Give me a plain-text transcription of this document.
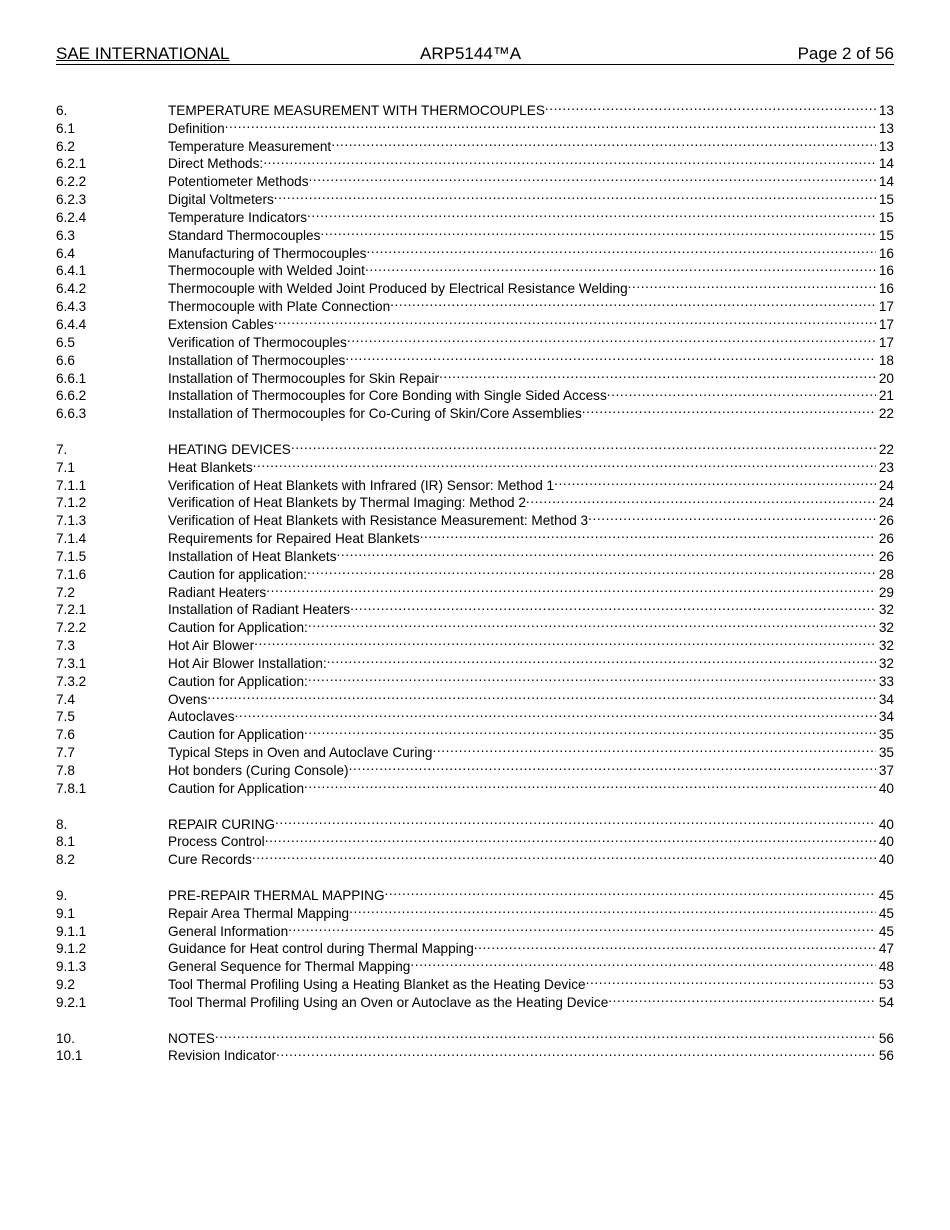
SAE INTERNATIONAL	ARP5144™A	Page 2 of 56
6.	TEMPERATURE MEASUREMENT WITH THERMOCOUPLES .....	13
6.1	Definition .....	13
6.2	Temperature Measurement .....	13
6.2.1	Direct Methods: .....	14
6.2.2	Potentiometer Methods .....	14
6.2.3	Digital Voltmeters .....	15
6.2.4	Temperature Indicators .....	15
6.3	Standard Thermocouples .....	15
6.4	Manufacturing of Thermocouples .....	16
6.4.1	Thermocouple with Welded Joint .....	16
6.4.2	Thermocouple with Welded Joint Produced by Electrical Resistance Welding .....	16
6.4.3	Thermocouple with Plate Connection .....	17
6.4.4	Extension Cables .....	17
6.5	Verification of Thermocouples .....	17
6.6	Installation of Thermocouples .....	18
6.6.1	Installation of Thermocouples for Skin Repair .....	20
6.6.2	Installation of Thermocouples for Core Bonding with Single Sided Access .....	21
6.6.3	Installation of Thermocouples for Co-Curing of Skin/Core Assemblies .....	22
7.	HEATING DEVICES .....	22
7.1	Heat Blankets .....	23
7.1.1	Verification of Heat Blankets with Infrared (IR) Sensor: Method 1 .....	24
7.1.2	Verification of Heat Blankets by Thermal Imaging: Method 2 .....	24
7.1.3	Verification of Heat Blankets with Resistance Measurement: Method 3 .....	26
7.1.4	Requirements for Repaired Heat Blankets .....	26
7.1.5	Installation of Heat Blankets .....	26
7.1.6	Caution for application: .....	28
7.2	Radiant Heaters .....	29
7.2.1	Installation of Radiant Heaters .....	32
7.2.2	Caution for Application: .....	32
7.3	Hot Air Blower .....	32
7.3.1	Hot Air Blower Installation: .....	32
7.3.2	Caution for Application: .....	33
7.4	Ovens .....	34
7.5	Autoclaves .....	34
7.6	Caution for Application .....	35
7.7	Typical Steps in Oven and Autoclave Curing .....	35
7.8	Hot bonders (Curing Console) .....	37
7.8.1	Caution for Application .....	40
8.	REPAIR CURING .....	40
8.1	Process Control .....	40
8.2	Cure Records .....	40
9.	PRE-REPAIR THERMAL MAPPING .....	45
9.1	Repair Area Thermal Mapping .....	45
9.1.1	General Information .....	45
9.1.2	Guidance for Heat control during Thermal Mapping .....	47
9.1.3	General Sequence for Thermal Mapping .....	48
9.2	Tool Thermal Profiling Using a Heating Blanket as the Heating Device .....	53
9.2.1	Tool Thermal Profiling Using an Oven or Autoclave as the Heating Device .....	54
10.	NOTES .....	56
10.1	Revision Indicator .....	56
